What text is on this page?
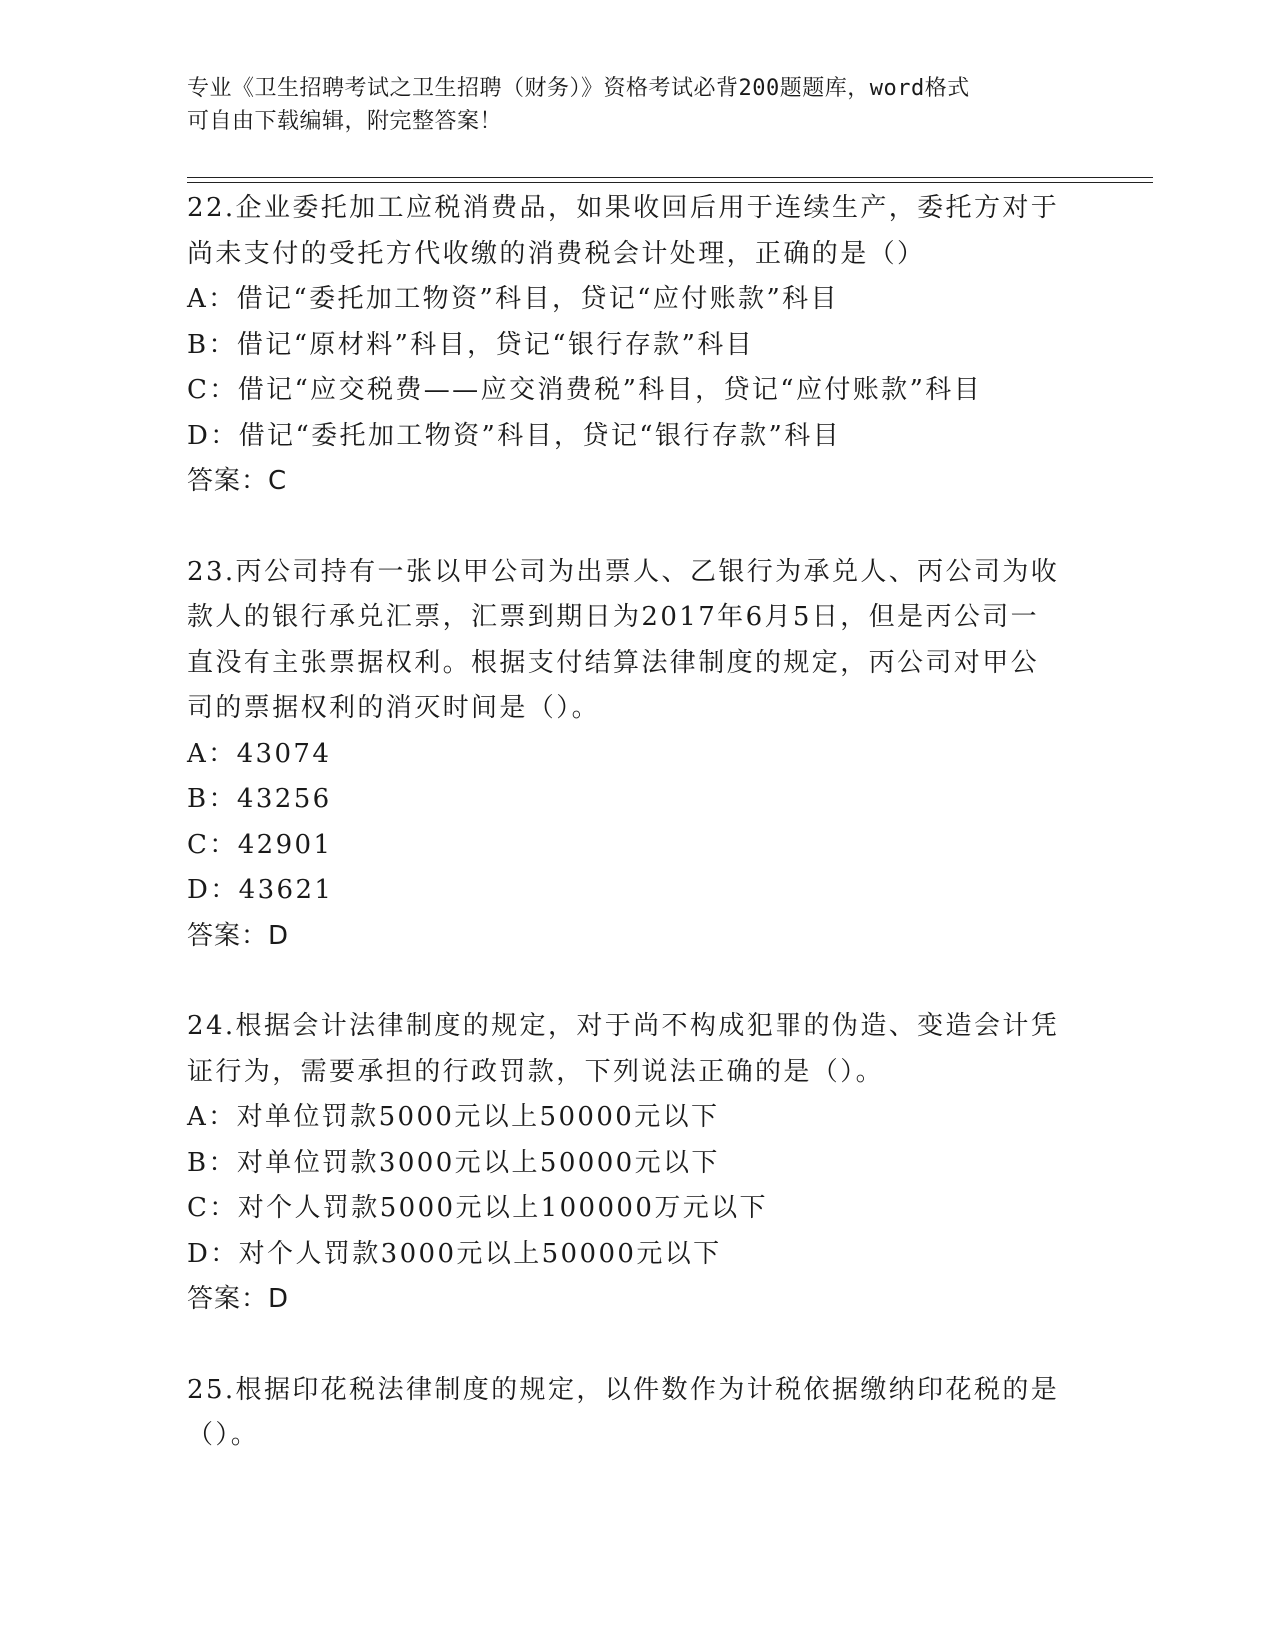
专业《卫生招聘考试之卫生招聘（财务）》资格考试必背200题题库，word格式
可自由下载编辑，附完整答案！
22.企业委托加工应税消费品，如果收回后用于连续生产，委托方对于
尚未支付的受托方代收缴的消费税会计处理，正确的是（）
A：借记“委托加工物资”科目，贷记“应付账款”科目
B：借记“原材料”科目，贷记“银行存款”科目
C：借记“应交税费——应交消费税”科目，贷记“应付账款”科目
D：借记“委托加工物资”科目，贷记“银行存款”科目
答案：C
23.丙公司持有一张以甲公司为出票人、乙银行为承兑人、丙公司为收
款人的银行承兑汇票，汇票到期日为2017年6月5日，但是丙公司一
直没有主张票据权利。根据支付结算法律制度的规定，丙公司对甲公
司的票据权利的消灭时间是（）。
A：43074
B：43256
C：42901
D：43621
答案：D
24.根据会计法律制度的规定，对于尚不构成犯罪的伪造、变造会计凭
证行为，需要承担的行政罚款，下列说法正确的是（）。
A：对单位罚款5000元以上50000元以下
B：对单位罚款3000元以上50000元以下
C：对个人罚款5000元以上100000万元以下
D：对个人罚款3000元以上50000元以下
答案：D
25.根据印花税法律制度的规定，以件数作为计税依据缴纳印花税的是
（）。
